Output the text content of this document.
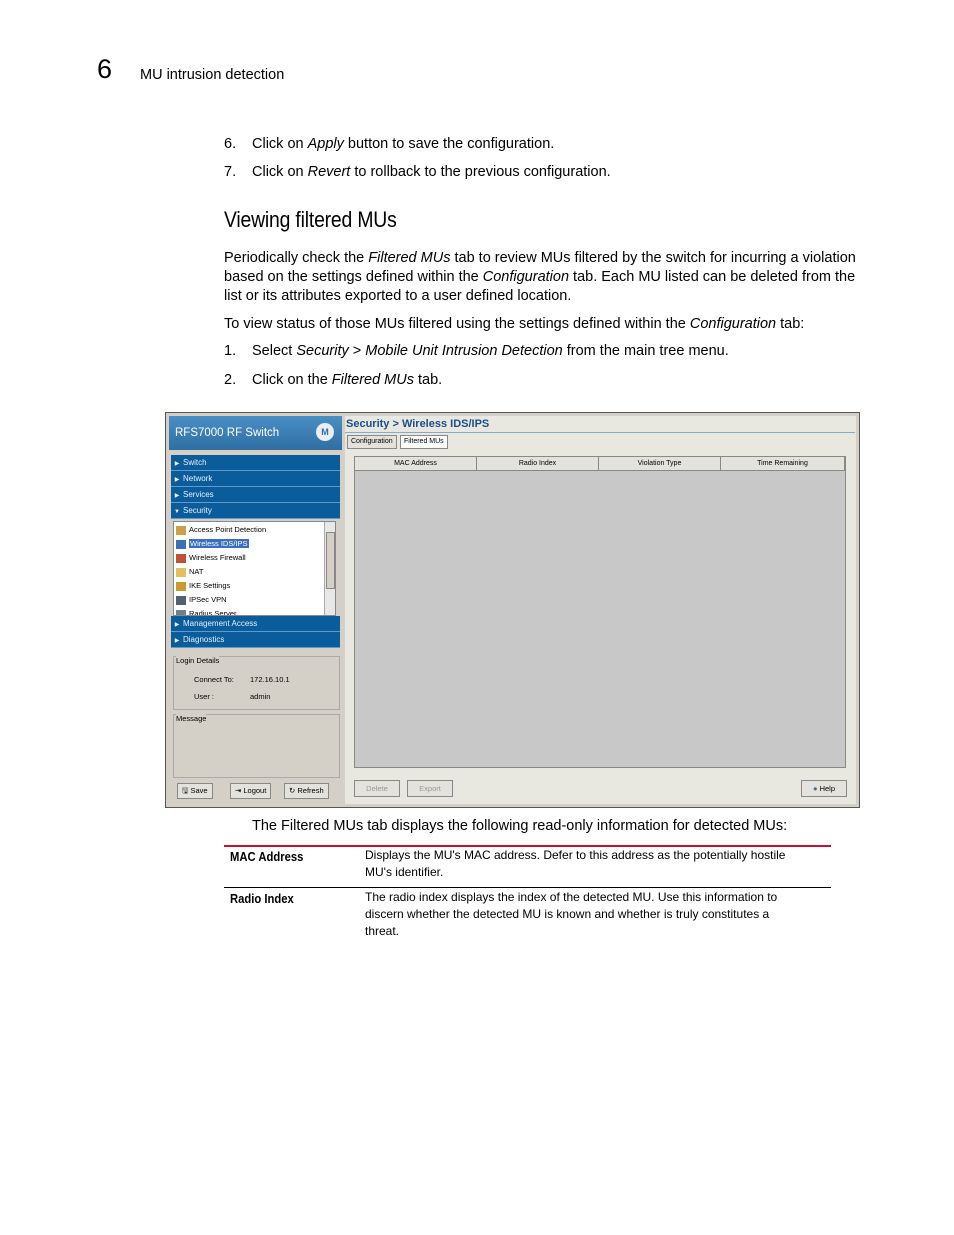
6 MU intrusion detection
6. Click on Apply button to save the configuration.
7. Click on Revert to rollback to the previous configuration.
Viewing filtered MUs
Periodically check the Filtered MUs tab to review MUs filtered by the switch for incurring a violation
based on the settings defined within the Configuration tab. Each MU listed can be deleted from the
list or its attributes exported to a user defined location.
To view status of those MUs filtered using the settings defined within the Configuration tab:
1. Select Security > Mobile Unit Intrusion Detection from the main tree menu.
2. Click on the Filtered MUs tab.
RFS7000 RF Switch	M
▶ Switch
▶ Network
▶ Services
▼ Security
Access Point Detection
Wireless IDS/IPS
Wireless Firewall
NAT
IKE Settings
IPSec VPN
Radius Server
▶ Management Access
▶ Diagnostics
Login Details
Connect To: 172.16.10.1
User :	admin
Message
🖫 Save	⇥ Logout	↻ Refresh
Security > Wireless IDS/IPS
Configuration	Filtered MUs
MAC Address	Radio Index	Violation Type	Time Remaining
Delete	Export	● Help
The Filtered MUs tab displays the following read-only information for detected MUs:
MAC Address	Displays the MU's MAC address. Defer to this address as the potentially hostile
MU's identifier.
Radio Index	The radio index displays the index of the detected MU. Use this information to
discern whether the detected MU is known and whether is truly constitutes a
threat.
